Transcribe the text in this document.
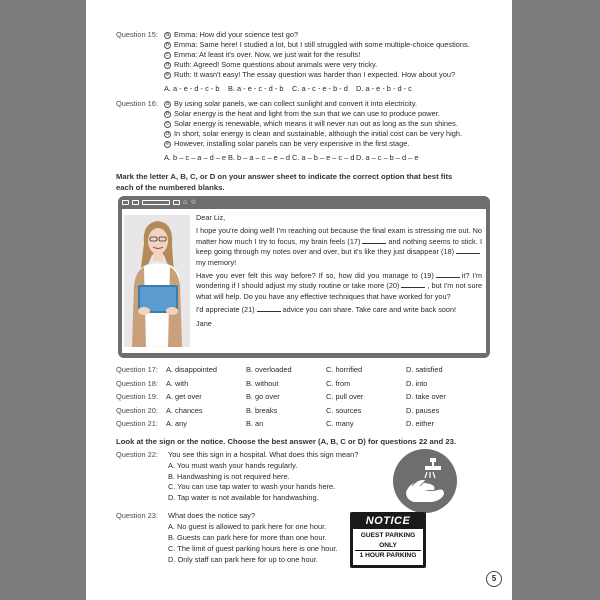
Question 15:	a Emma: How did your science test go?
b Emma: Same here! I studied a lot, but I still struggled with some multiple-choice questions.
c Emma: At least it's over. Now, we just wait for the results!
d Ruth: Agreed! Some questions about animals were very tricky.
e Ruth: It wasn't easy! The essay question was harder than I expected. How about you?
A. a - e - d - c - b	B. a - e - c - d - b	C. a - c - e - b - d	D. a - e - b - d - c
Question 16:	a By using solar panels, we can collect sunlight and convert it into electricity.
b Solar energy is the heat and light from the sun that we can use to produce power.
c Solar energy is renewable, which means it will never run out as long as the sun shines.
d In short, solar energy is clean and sustainable, although the initial cost can be very high.
e However, installing solar panels can be very expensive in the first stage.
A. b – c – a – d – e B. b – a – c – e – d C. a – b – e – c – d D. a – c – b – d – e
Mark the letter A, B, C, or D on your answer sheet to indicate the correct option that best fits
each of the numbered blanks.
⌂ ☆

Dear Liz,

I hope you're doing well! I'm reaching out because the final exam is stressing me out. No matter how much I try to focus, my brain feels (17)	and nothing seems to stick. I keep going through my notes over and over, but it's like they just disappear (18)my memory!

Have you ever felt this way before? If so, how did you manage to (19)	it? I'm wondering if I should adjust my study routine or take more (20)	, but I'm not sure what will help. Do you have any effective techniques that have worked for you?

I'd appreciate (21)	advice you can share. Take care and write back soon!

Jane

Question 17:	A. disappointed	B. overloaded	C. horrified	D. satisfied
Question 18:	A. with	B. without	C. from	D. into
Question 19:	A. get over	B. go over	C. pull over	D. take over
Question 20:	A. chances	B. breaks	C. sources	D. pauses
Question 21:	A. any	B. an	C. many	D. either
Look at the sign or the notice. Choose the best answer (A, B, C or D) for questions 22 and 23.
Question 22: You see this sign in a hospital. What does this sign mean?
A. You must wash your hands regularly.
B. Handwashing is not required here.
C. You can use tap water to wash your hands here.
D. Tap water is not available for handwashing.
Question 23: What does the notice say?
A. No guest is allowed to park here for one hour.
B. Guests can park here for more than one hour.
C. The limit of guest parking hours here is one hour.
D. Only staff can park here for up to one hour.
NOTICE
GUEST PARKING
ONLY
1 HOUR PARKING
5
